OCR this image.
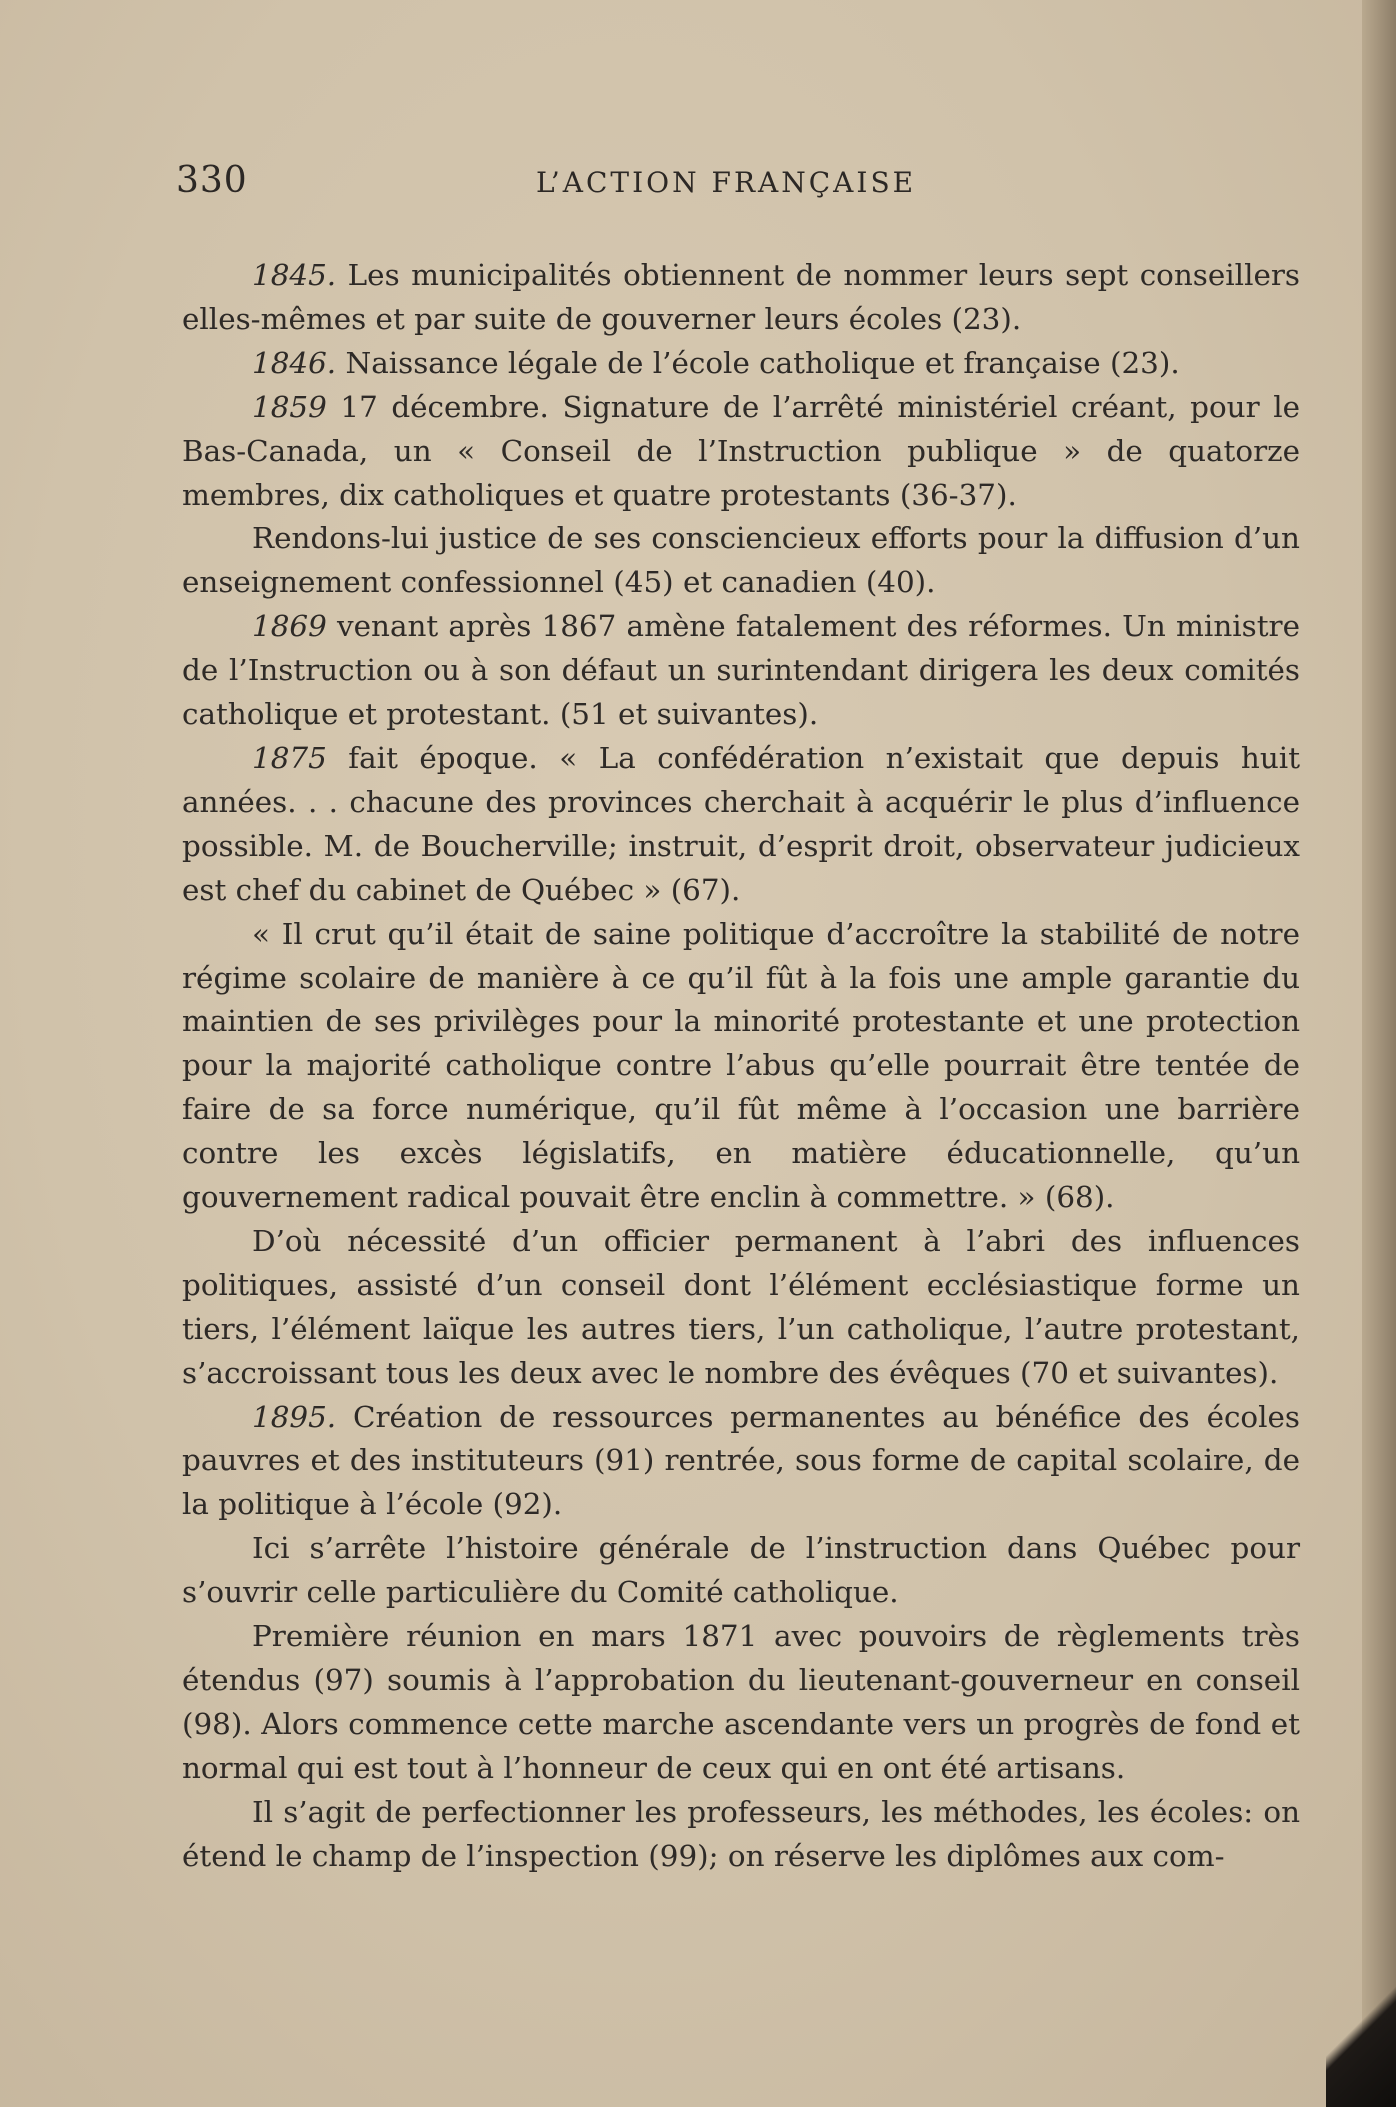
330	L’ACTION FRANÇAISE

1845. Les municipalités obtiennent de nommer leurs sept conseillers elles-mêmes et par suite de gouverner leurs écoles (23).

1846. Naissance légale de l’école catholique et française (23).

1859 17 décembre. Signature de l’arrêté ministériel créant, pour le Bas-Canada, un « Conseil de l’Instruction publique » de quatorze membres, dix catholiques et quatre protestants (36-37).

Rendons-lui justice de ses consciencieux efforts pour la diffusion d’un enseignement confessionnel (45) et canadien (40).

1869 venant après 1867 amène fatalement des réformes. Un ministre de l’Instruction ou à son défaut un surintendant dirigera les deux comités catholique et protestant. (51 et suivantes).

1875 fait époque. « La confédération n’existait que depuis huit années. . . chacune des provinces cherchait à acquérir le plus d’influence possible. M. de Boucherville; instruit, d’esprit droit, observateur judicieux est chef du cabinet de Québec » (67).

« Il crut qu’il était de saine politique d’accroître la stabilité de notre régime scolaire de manière à ce qu’il fût à la fois une ample garantie du maintien de ses privilèges pour la minorité protestante et une protection pour la majorité catholique contre l’abus qu’elle pourrait être tentée de faire de sa force numérique, qu’il fût même à l’occasion une barrière contre les excès législatifs, en matière éducationnelle, qu’un gouvernement radical pouvait être enclin à commettre. » (68).

D’où nécessité d’un officier permanent à l’abri des influences politiques, assisté d’un conseil dont l’élément ecclésiastique forme un tiers, l’élément laïque les autres tiers, l’un catholique, l’autre protestant, s’accroissant tous les deux avec le nombre des évêques (70 et suivantes).

1895. Création de ressources permanentes au bénéfice des écoles pauvres et des instituteurs (91) rentrée, sous forme de capital scolaire, de la politique à l’école (92).

Ici s’arrête l’histoire générale de l’instruction dans Québec pour s’ouvrir celle particulière du Comité catholique.

Première réunion en mars 1871 avec pouvoirs de règlements très étendus (97) soumis à l’approbation du lieutenant-gouverneur en conseil (98). Alors commence cette marche ascendante vers un progrès de fond et normal qui est tout à l’honneur de ceux qui en ont été artisans.

Il s’agit de perfectionner les professeurs, les méthodes, les écoles: on étend le champ de l’inspection (99); on réserve les diplômes aux com-
